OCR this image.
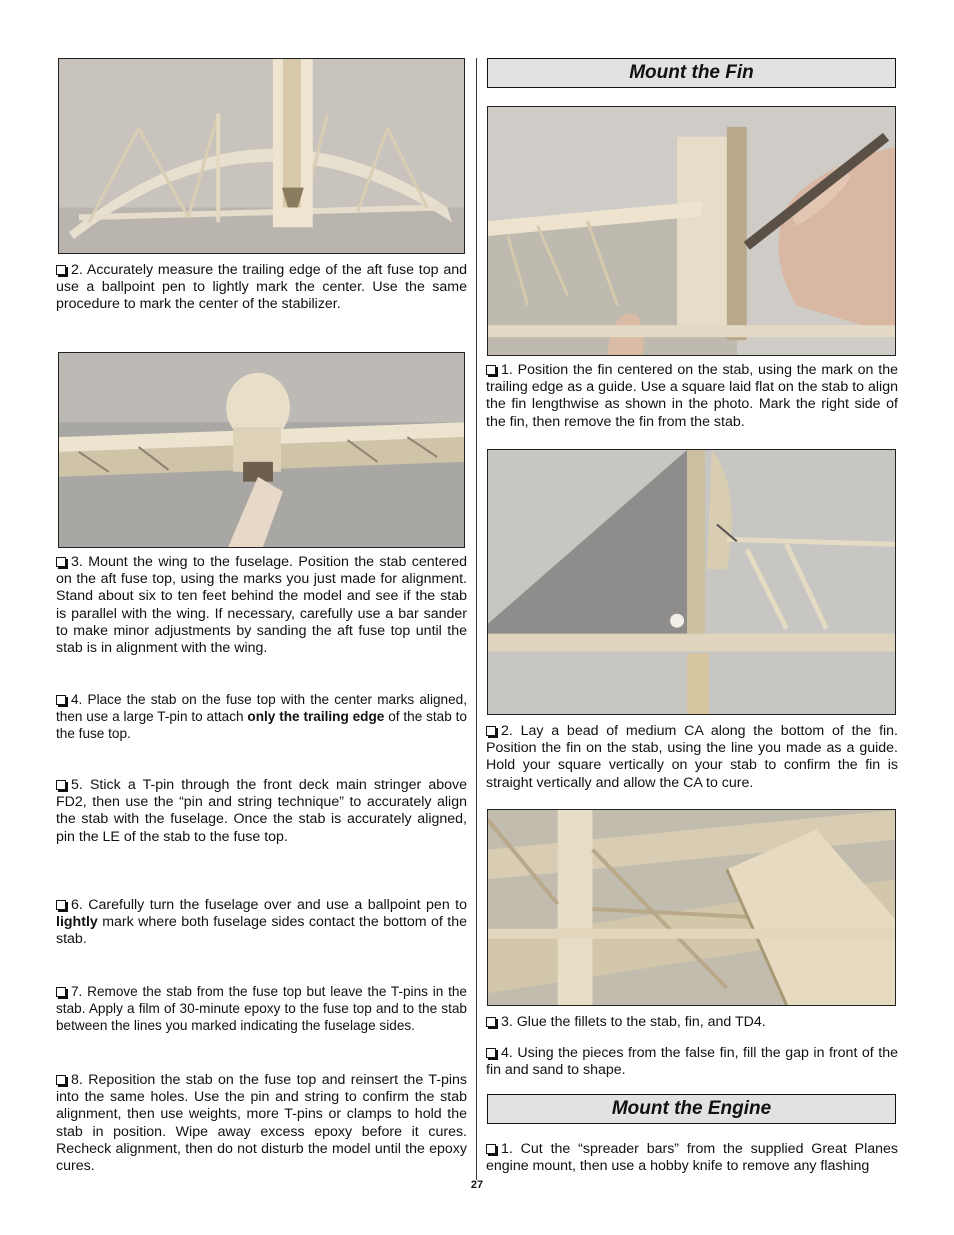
2. Accurately measure the trailing edge of the aft fuse top and use a ballpoint pen to lightly mark the center. Use the same procedure to mark the center of the stabilizer.

3. Mount the wing to the fuselage. Position the stab centered on the aft fuse top, using the marks you just made for alignment. Stand about six to ten feet behind the model and see if the stab is parallel with the wing. If necessary, carefully use a bar sander to make minor adjustments by sanding the aft fuse top until the stab is in alignment with the wing.

4. Place the stab on the fuse top with the center marks aligned, then use a large T-pin to attach only the trailing edge of the stab to the fuse top.

5. Stick a T-pin through the front deck main stringer above FD2, then use the “pin and string technique” to accurately align the stab with the fuselage. Once the stab is accurately aligned, pin the LE of the stab to the fuse top.

6. Carefully turn the fuselage over and use a ballpoint pen to lightly mark where both fuselage sides contact the bottom of the stab.

7. Remove the stab from the fuse top but leave the T-pins in the stab. Apply a film of 30-minute epoxy to the fuse top and to the stab between the lines you marked indicating the fuselage sides.

8. Reposition the stab on the fuse top and reinsert the T-pins into the same holes. Use the pin and string to confirm the stab alignment, then use weights, more T-pins or clamps to hold the stab in position. Wipe away excess epoxy before it cures. Recheck alignment, then do not disturb the model until the epoxy cures.

Mount the Fin

1. Position the fin centered on the stab, using the mark on the trailing edge as a guide. Use a square laid flat on the stab to align the fin lengthwise as shown in the photo. Mark the right side of the fin, then remove the fin from the stab.

2. Lay a bead of medium CA along the bottom of the fin. Position the fin on the stab, using the line you made as a guide. Hold your square vertically on your stab to confirm the fin is straight vertically and allow the CA to cure.

3. Glue the fillets to the stab, fin, and TD4.

4. Using the pieces from the false fin, fill the gap in front of the fin and sand to shape.

Mount the Engine

1. Cut the “spreader bars” from the supplied Great Planes engine mount, then use a hobby knife to remove any flashing

27
